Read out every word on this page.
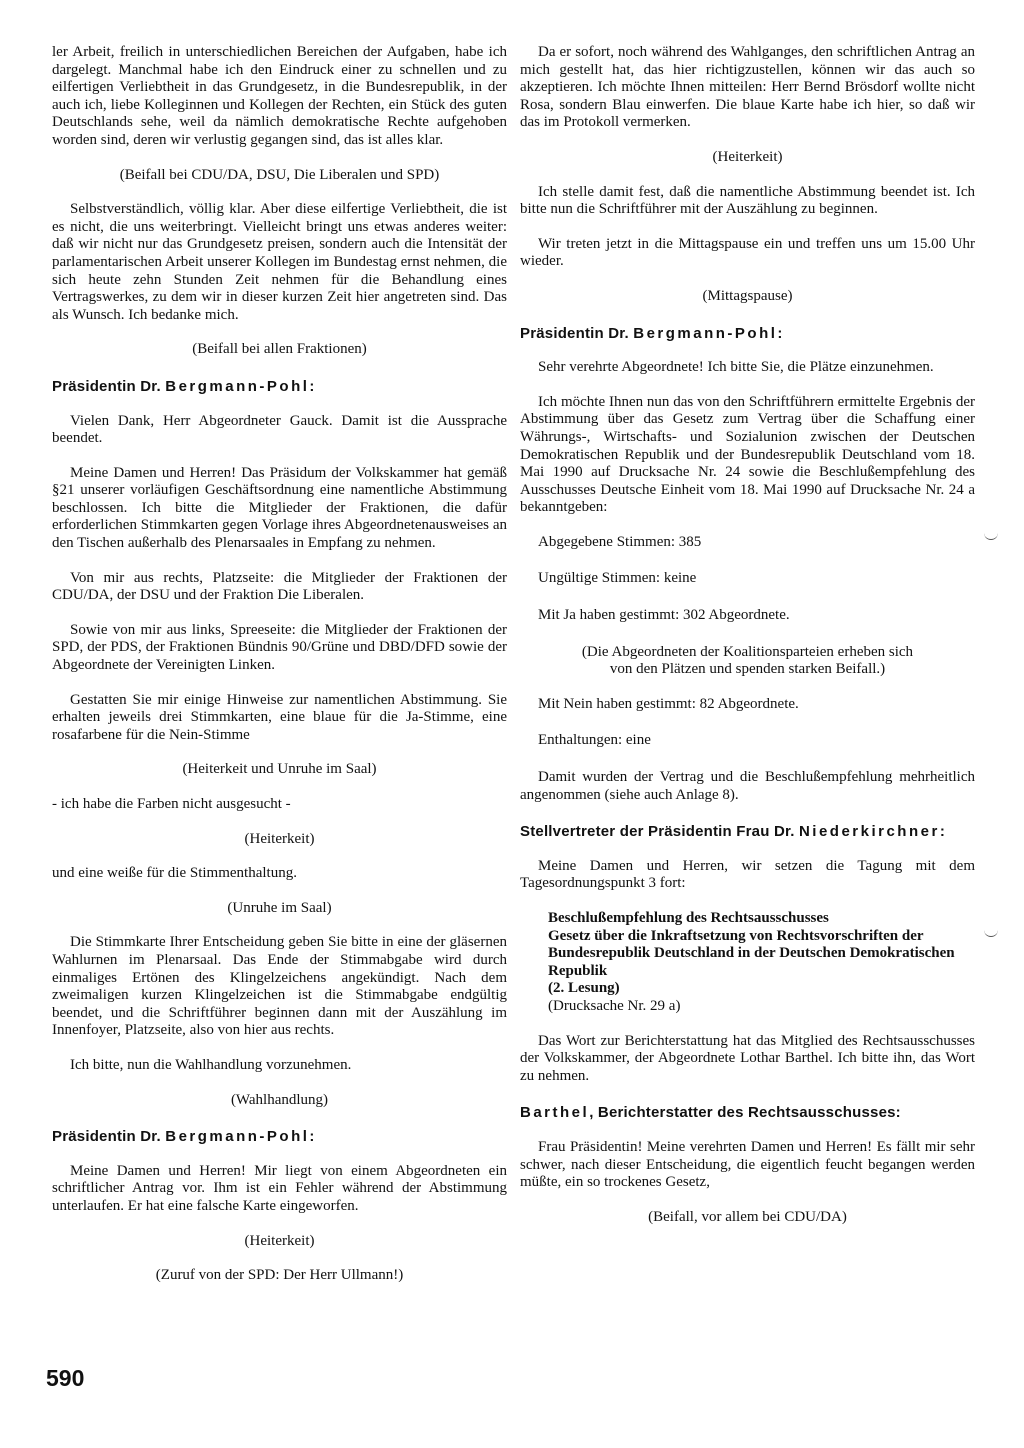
ler Arbeit, freilich in unterschiedlichen Bereichen der Aufgaben, habe ich dargelegt. Manchmal habe ich den Eindruck einer zu schnellen und zu eilfertigen Verliebtheit in das Grundgesetz, in die Bundesrepublik, in der auch ich, liebe Kolleginnen und Kollegen der Rechten, ein Stück des guten Deutschlands sehe, weil da nämlich demokratische Rechte aufgehoben worden sind, deren wir verlustig gegangen sind, das ist alles klar.

(Beifall bei CDU/DA, DSU, Die Liberalen und SPD)

Selbstverständlich, völlig klar. Aber diese eilfertige Verliebtheit, die ist es nicht, die uns weiterbringt. Vielleicht bringt uns etwas anderes weiter: daß wir nicht nur das Grundgesetz preisen, sondern auch die Intensität der parlamentarischen Arbeit unserer Kollegen im Bundestag ernst nehmen, die sich heute zehn Stunden Zeit nehmen für die Behandlung eines Vertragswerkes, zu dem wir in dieser kurzen Zeit hier angetreten sind. Das als Wunsch. Ich bedanke mich.

(Beifall bei allen Fraktionen)

Präsidentin Dr. Bergmann-Pohl:

Vielen Dank, Herr Abgeordneter Gauck. Damit ist die Aussprache beendet.

Meine Damen und Herren! Das Präsidum der Volkskammer hat gemäß §21 unserer vorläufigen Geschäftsordnung eine namentliche Abstimmung beschlossen. Ich bitte die Mitglieder der Fraktionen, die dafür erforderlichen Stimmkarten gegen Vorlage ihres Abgeordnetenausweises an den Tischen außerhalb des Plenarsaales in Empfang zu nehmen.

Von mir aus rechts, Platzseite: die Mitglieder der Fraktionen der CDU/DA, der DSU und der Fraktion Die Liberalen.

Sowie von mir aus links, Spreeseite: die Mitglieder der Fraktionen der SPD, der PDS, der Fraktionen Bündnis 90/Grüne und DBD/DFD sowie der Abgeordnete der Vereinigten Linken.

Gestatten Sie mir einige Hinweise zur namentlichen Abstimmung. Sie erhalten jeweils drei Stimmkarten, eine blaue für die Ja-Stimme, eine rosafarbene für die Nein-Stimme

(Heiterkeit und Unruhe im Saal)

- ich habe die Farben nicht ausgesucht -

(Heiterkeit)

und eine weiße für die Stimmenthaltung.

(Unruhe im Saal)

Die Stimmkarte Ihrer Entscheidung geben Sie bitte in eine der gläsernen Wahlurnen im Plenarsaal. Das Ende der Stimmabgabe wird durch einmaliges Ertönen des Klingelzeichens angekündigt. Nach dem zweimaligen kurzen Klingelzeichen ist die Stimmabgabe endgültig beendet, und die Schriftführer beginnen dann mit der Auszählung im Innenfoyer, Platzseite, also von hier aus rechts.

Ich bitte, nun die Wahlhandlung vorzunehmen.

(Wahlhandlung)

Präsidentin Dr. Bergmann-Pohl:

Meine Damen und Herren! Mir liegt von einem Abgeordneten ein schriftlicher Antrag vor. Ihm ist ein Fehler während der Abstimmung unterlaufen. Er hat eine falsche Karte eingeworfen.

(Heiterkeit)

(Zuruf von der SPD: Der Herr Ullmann!)

Da er sofort, noch während des Wahlganges, den schriftlichen Antrag an mich gestellt hat, das hier richtigzustellen, können wir das auch so akzeptieren. Ich möchte Ihnen mitteilen: Herr Bernd Brösdorf wollte nicht Rosa, sondern Blau einwerfen. Die blaue Karte habe ich hier, so daß wir das im Protokoll vermerken.

(Heiterkeit)

Ich stelle damit fest, daß die namentliche Abstimmung beendet ist. Ich bitte nun die Schriftführer mit der Auszählung zu beginnen.

Wir treten jetzt in die Mittagspause ein und treffen uns um 15.00 Uhr wieder.

(Mittagspause)

Präsidentin Dr. Bergmann-Pohl:

Sehr verehrte Abgeordnete! Ich bitte Sie, die Plätze einzunehmen.

Ich möchte Ihnen nun das von den Schriftführern ermittelte Ergebnis der Abstimmung über das Gesetz zum Vertrag über die Schaffung einer Währungs-, Wirtschafts- und Sozialunion zwischen der Deutschen Demokratischen Republik und der Bundesrepublik Deutschland vom 18. Mai 1990 auf Drucksache Nr. 24 sowie die Beschlußempfehlung des Ausschusses Deutsche Einheit vom 18. Mai 1990 auf Drucksache Nr. 24 a bekanntgeben:

Abgegebene Stimmen: 385

Ungültige Stimmen: keine

Mit Ja haben gestimmt: 302 Abgeordnete.

(Die Abgeordneten der Koalitionsparteien erheben sich
von den Plätzen und spenden starken Beifall.)

Mit Nein haben gestimmt: 82 Abgeordnete.

Enthaltungen: eine

Damit wurden der Vertrag und die Beschlußempfehlung mehrheitlich angenommen (siehe auch Anlage 8).

Stellvertreter der Präsidentin Frau Dr. Niederkirchner:

Meine Damen und Herren, wir setzen die Tagung mit dem Tagesordnungspunkt 3 fort:

Beschlußempfehlung des Rechtsausschusses
Gesetz über die Inkraftsetzung von Rechtsvorschriften der Bundesrepublik Deutschland in der Deutschen Demokratischen Republik
(2. Lesung)
(Drucksache Nr. 29 a)

Das Wort zur Berichterstattung hat das Mitglied des Rechtsausschusses der Volkskammer, der Abgeordnete Lothar Barthel. Ich bitte ihn, das Wort zu nehmen.

Barthel, Berichterstatter des Rechtsausschusses:

Frau Präsidentin! Meine verehrten Damen und Herren! Es fällt mir sehr schwer, nach dieser Entscheidung, die eigentlich feucht begangen werden müßte, ein so trockenes Gesetz,

(Beifall, vor allem bei CDU/DA)

590
